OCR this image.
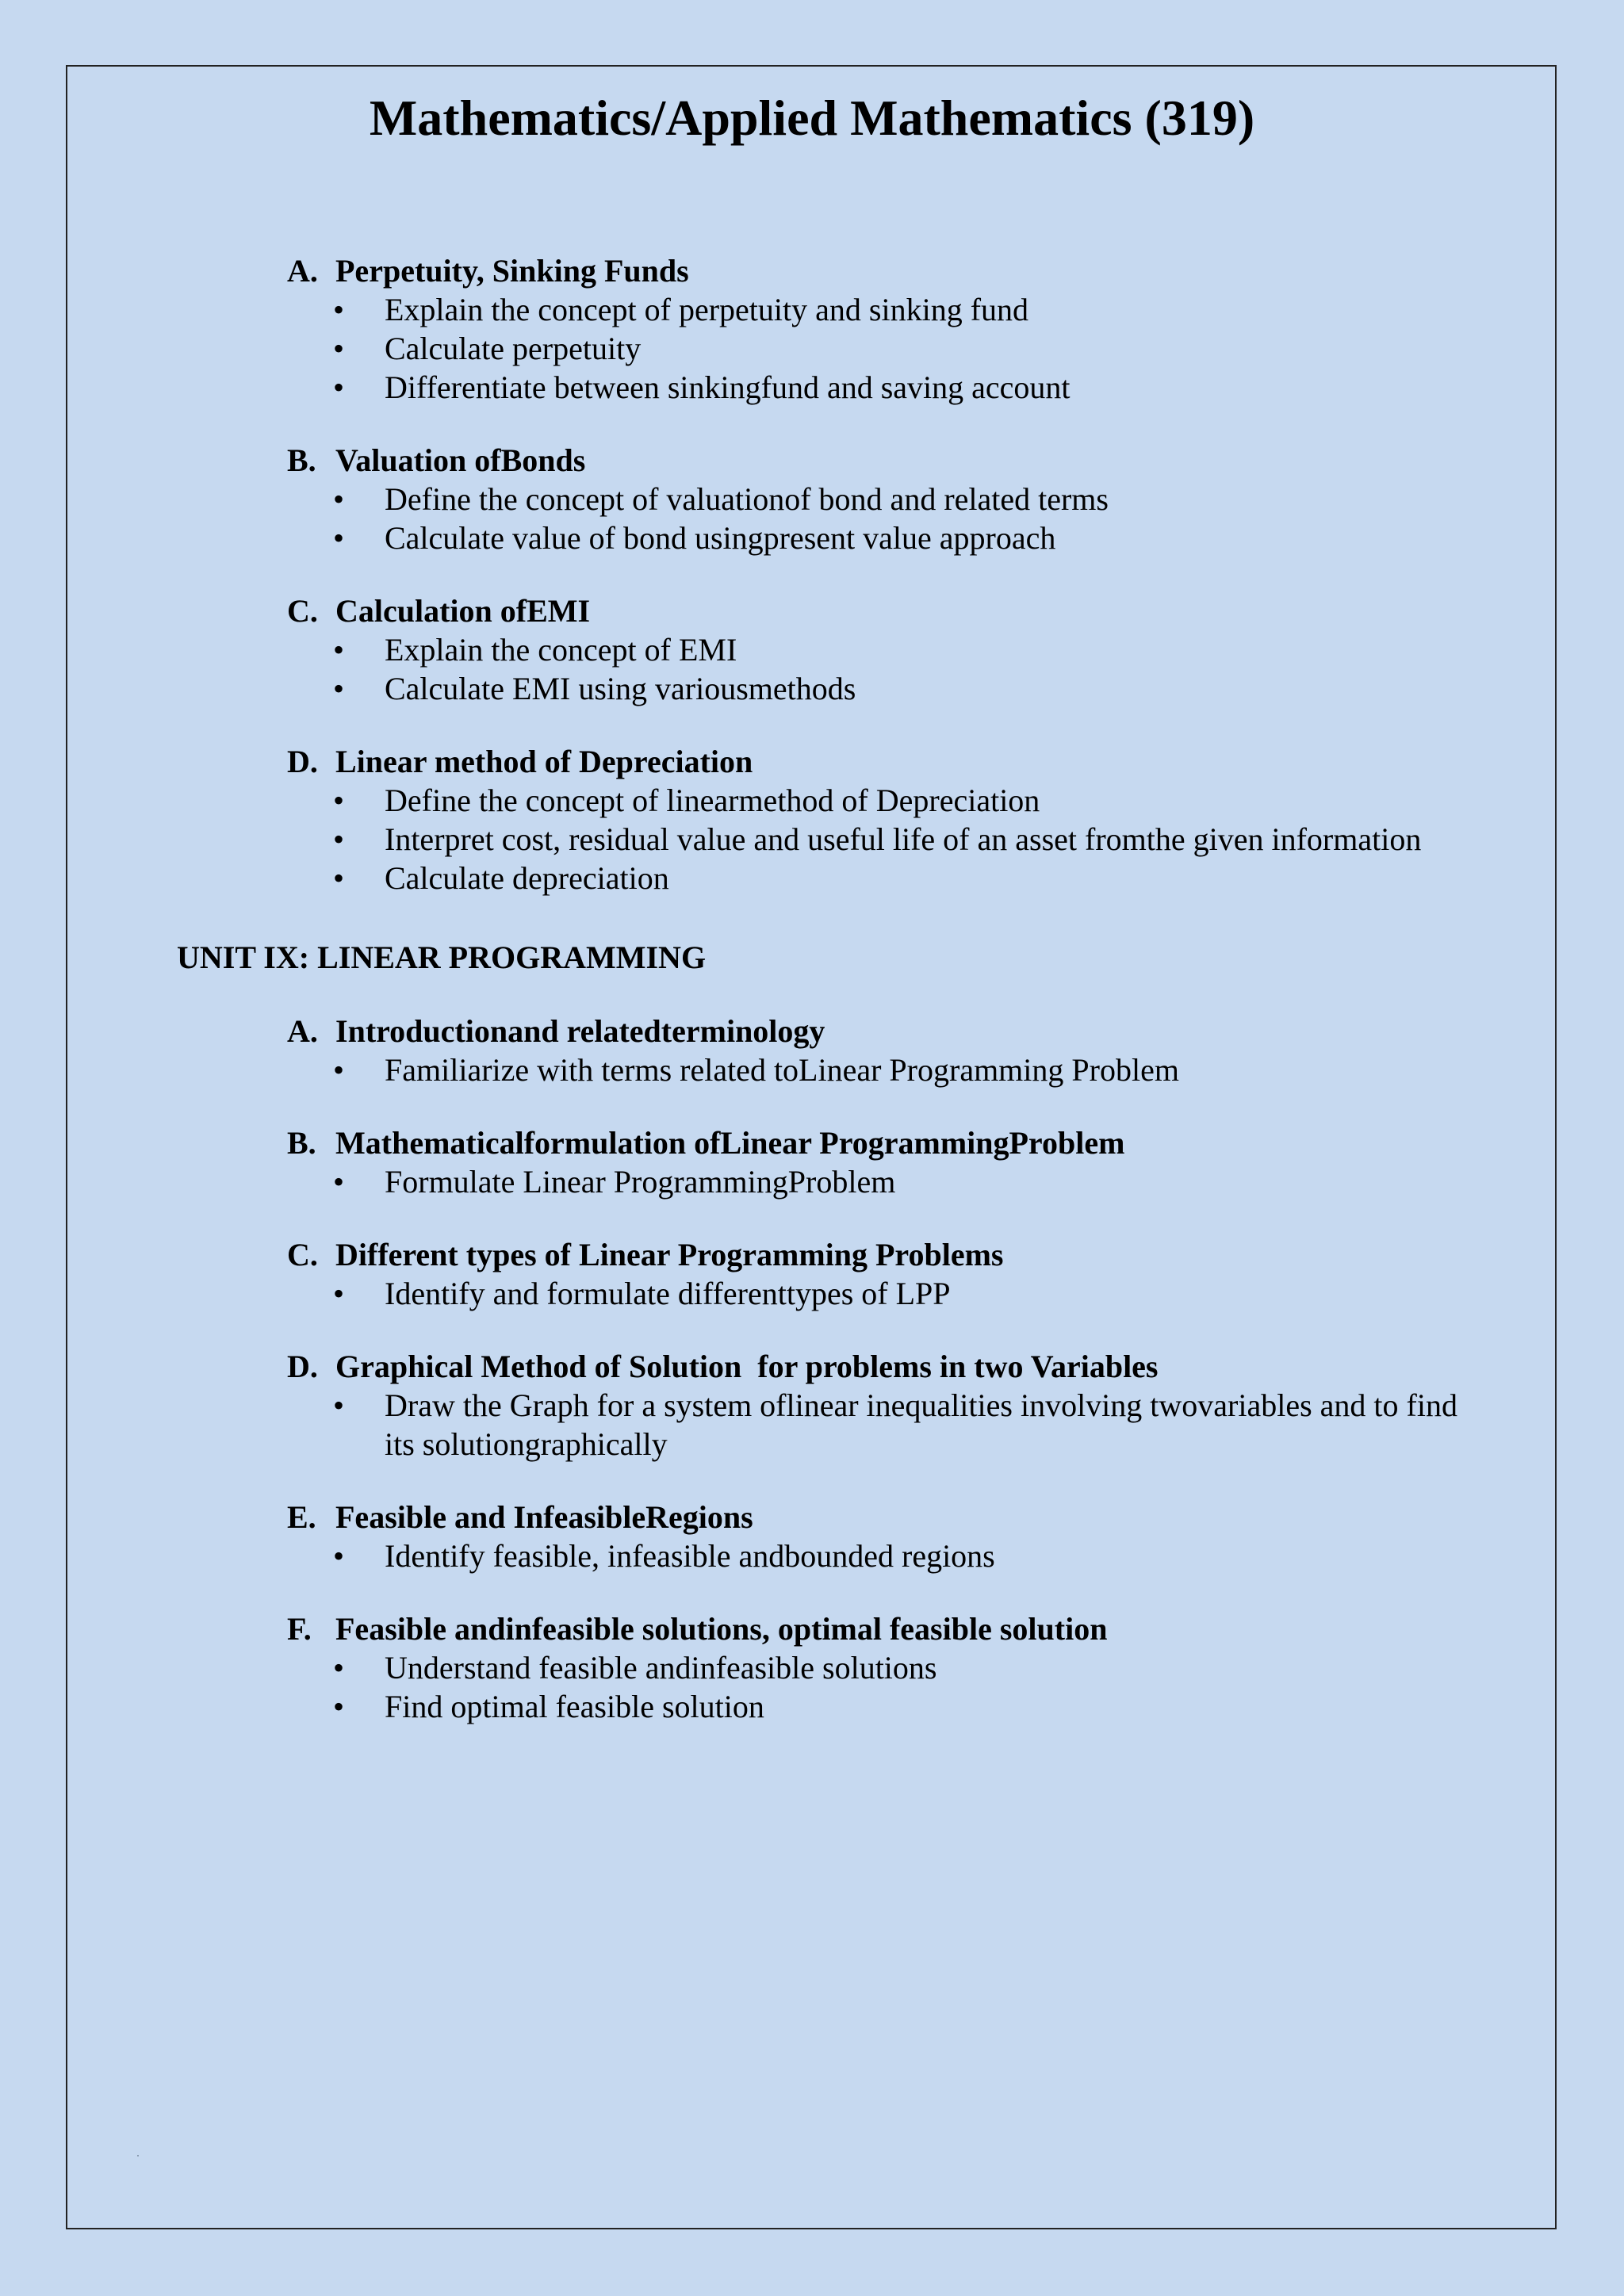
Mathematics/Applied Mathematics (319)
A. Perpetuity, Sinking Funds
• Explain the concept of perpetuity and sinking fund
• Calculate perpetuity
• Differentiate between sinkingfund and saving account
B. Valuation ofBonds
• Define the concept of valuationof bond and related terms
• Calculate value of bond usingpresent value approach
C. Calculation ofEMI
• Explain the concept of EMI
• Calculate EMI using variousmethods
D. Linear method of Depreciation
• Define the concept of linearmethod of Depreciation
• Interpret cost, residual value and useful life of an asset fromthe given information
• Calculate depreciation
UNIT IX: LINEAR PROGRAMMING
A. Introductionand relatedterminology
• Familiarize with terms related toLinear Programming Problem
B. Mathematicalformulation ofLinear ProgrammingProblem
• Formulate Linear ProgrammingProblem
C. Different types of Linear Programming Problems
• Identify and formulate differenttypes of LPP
D. Graphical Method of Solution  for problems in two Variables
• Draw the Graph for a system oflinear inequalities involving twovariables and to find its solutiongraphically
E. Feasible and InfeasibleRegions
• Identify feasible, infeasible andbounded regions
F. Feasible andinfeasible solutions, optimal feasible solution
• Understand feasible andinfeasible solutions
• Find optimal feasible solution
